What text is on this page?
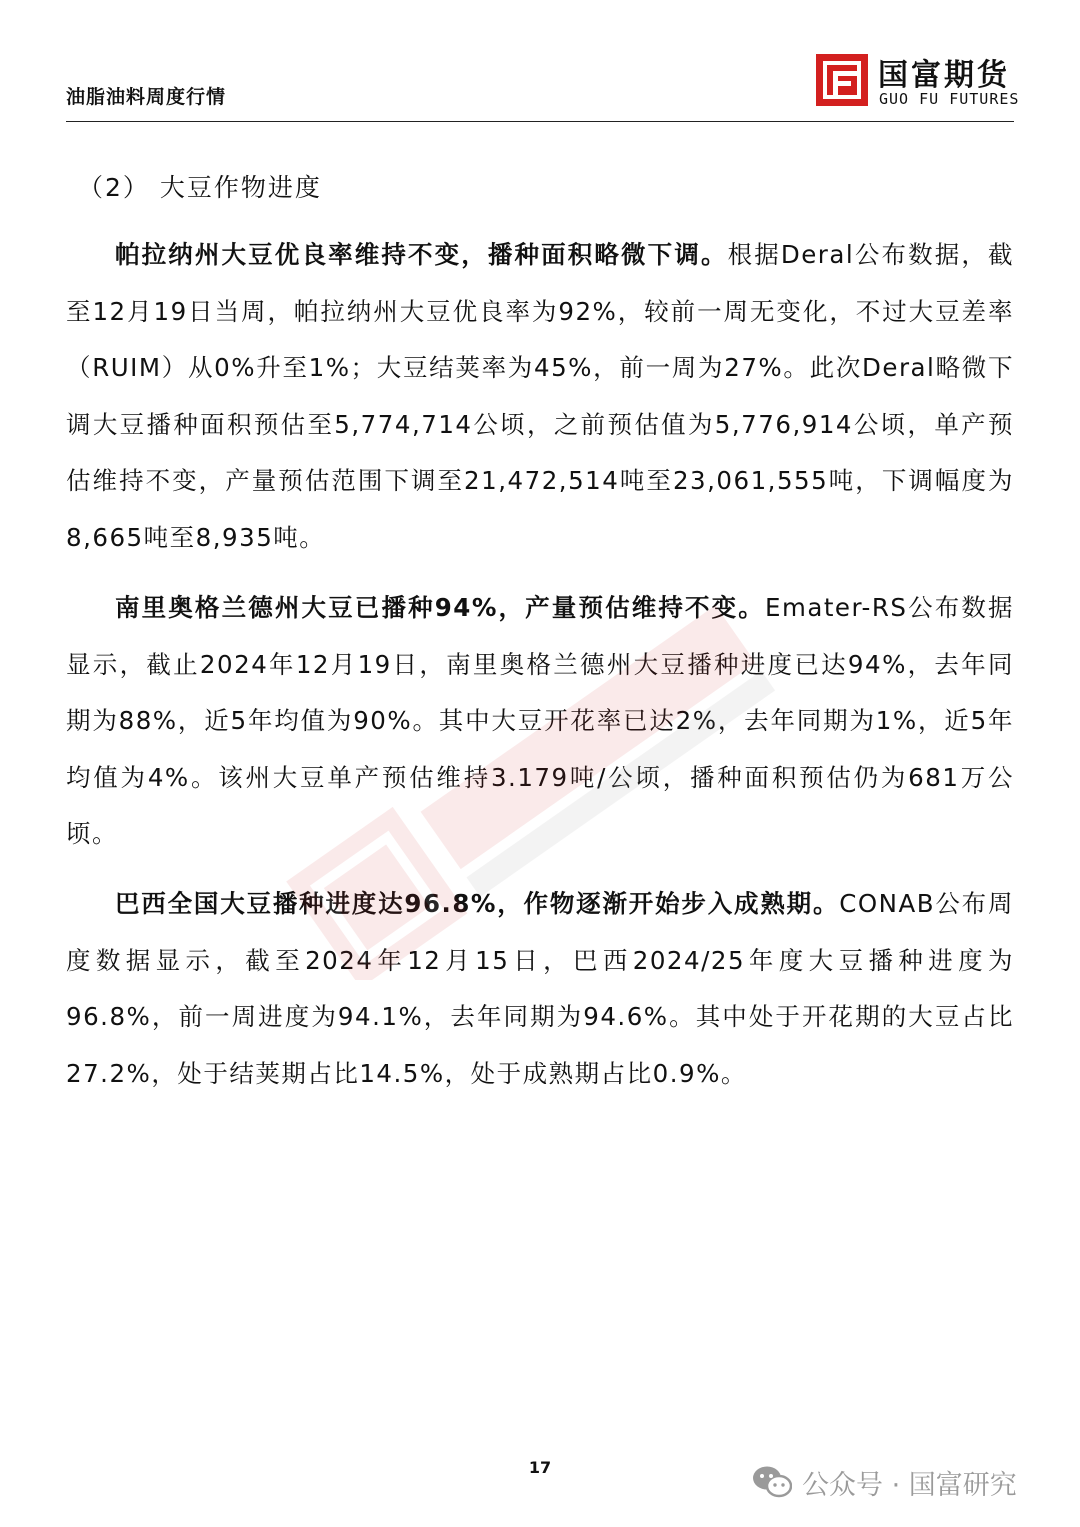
油脂油料周度行情
国富期货
GUO FU FUTURES
（2） 大豆作物进度

帕拉纳州大豆优良率维持不变，播种面积略微下调。根据Deral公布数据，截至12月19日当周，帕拉纳州大豆优良率为92%，较前一周无变化，不过大豆差率（RUIM）从0%升至1%；大豆结荚率为45%，前一周为27%。此次Deral略微下调大豆播种面积预估至5,774,714公顷，之前预估值为5,776,914公顷，单产预估维持不变，产量预估范围下调至21,472,514吨至23,061,555吨，下调幅度为8,665吨至8,935吨。

南里奥格兰德州大豆已播种94%，产量预估维持不变。Emater-RS公布数据显示，截止2024年12月19日，南里奥格兰德州大豆播种进度已达94%，去年同期为88%，近5年均值为90%。其中大豆开花率已达2%，去年同期为1%，近5年均值为4%。该州大豆单产预估维持3.179吨/公顷，播种面积预估仍为681万公顷。

巴西全国大豆播种进度达96.8%，作物逐渐开始步入成熟期。CONAB公布周度数据显示，截至2024年12月15日，巴西2024/25年度大豆播种进度为96.8%，前一周进度为94.1%，去年同期为94.6%。其中处于开花期的大豆占比27.2%，处于结荚期占比14.5%，处于成熟期占比0.9%。

17
公众号 · 国富研究
